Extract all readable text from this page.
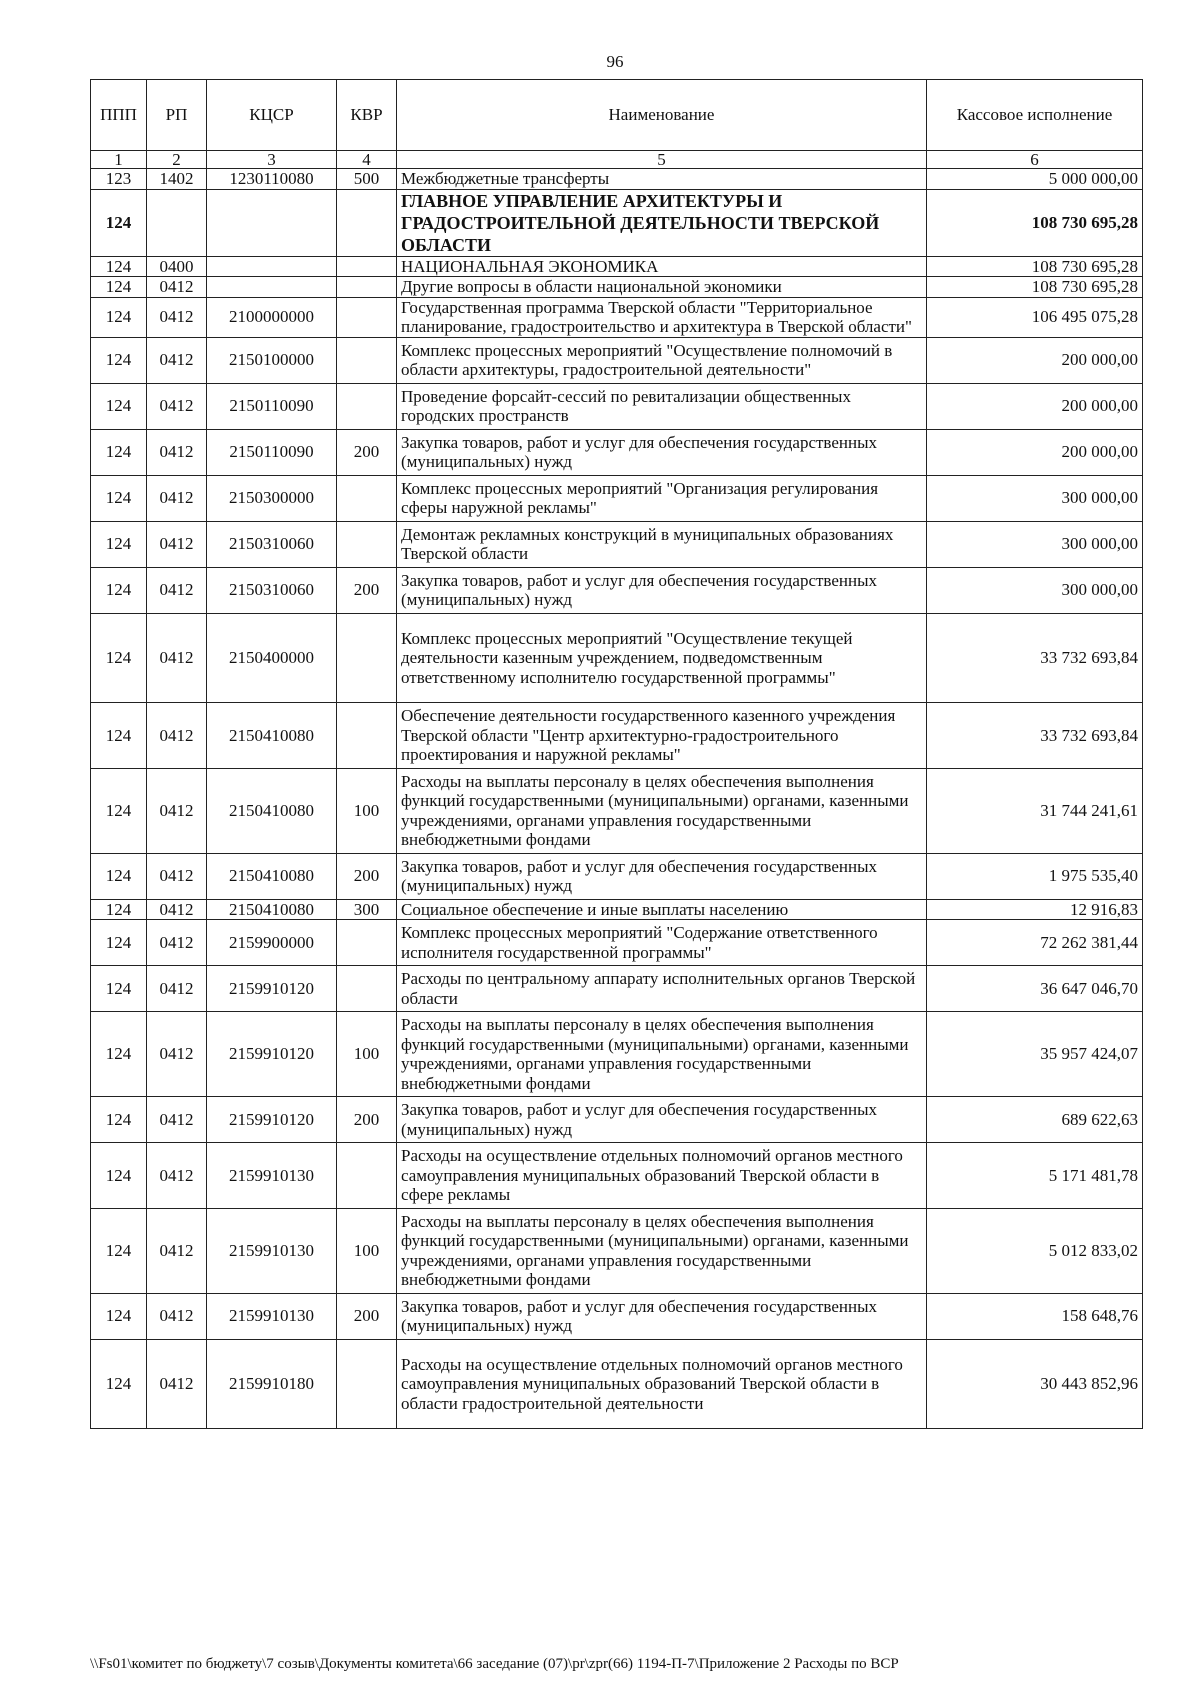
96
ППП	РП	КЦСР	КВР	Наименование	Кассовое исполнение
1	2	3	4	5	6
123	1402	1230110080	500	Межбюджетные трансферты	5 000 000,00
124				ГЛАВНОЕ УПРАВЛЕНИЕ АРХИТЕКТУРЫ И ГРАДОСТРОИТЕЛЬНОЙ ДЕЯТЕЛЬНОСТИ ТВЕРСКОЙ ОБЛАСТИ	108 730 695,28
124	0400			НАЦИОНАЛЬНАЯ ЭКОНОМИКА	108 730 695,28
124	0412			Другие вопросы в области национальной экономики	108 730 695,28
124	0412	2100000000		Государственная программа Тверской области "Территориальное планирование, градостроительство и архитектура в Тверской области"	106 495 075,28
124	0412	2150100000		Комплекс процессных мероприятий "Осуществление полномочий в области архитектуры, градостроительной деятельности"	200 000,00
124	0412	2150110090		Проведение форсайт-сессий по ревитализации общественных городских пространств	200 000,00
124	0412	2150110090	200	Закупка товаров, работ и услуг для обеспечения государственных (муниципальных) нужд	200 000,00
124	0412	2150300000		Комплекс процессных мероприятий "Организация регулирования сферы наружной рекламы"	300 000,00
124	0412	2150310060		Демонтаж рекламных конструкций в муниципальных образованиях Тверской области	300 000,00
124	0412	2150310060	200	Закупка товаров, работ и услуг для обеспечения государственных (муниципальных) нужд	300 000,00
124	0412	2150400000		Комплекс процессных мероприятий "Осуществление текущей деятельности казенным учреждением, подведомственным ответственному исполнителю государственной программы"	33 732 693,84
124	0412	2150410080		Обеспечение деятельности государственного казенного учреждения Тверской области "Центр архитектурно-градостроительного проектирования и наружной рекламы"	33 732 693,84
124	0412	2150410080	100	Расходы на выплаты персоналу в целях обеспечения выполнения функций государственными (муниципальными) органами, казенными учреждениями, органами управления государственными внебюджетными фондами	31 744 241,61
124	0412	2150410080	200	Закупка товаров, работ и услуг для обеспечения государственных (муниципальных) нужд	1 975 535,40
124	0412	2150410080	300	Социальное обеспечение и иные выплаты населению	12 916,83
124	0412	2159900000		Комплекс процессных мероприятий "Содержание ответственного исполнителя государственной программы"	72 262 381,44
124	0412	2159910120		Расходы по центральному аппарату исполнительных органов Тверской области	36 647 046,70
124	0412	2159910120	100	Расходы на выплаты персоналу в целях обеспечения выполнения функций государственными (муниципальными) органами, казенными учреждениями, органами управления государственными внебюджетными фондами	35 957 424,07
124	0412	2159910120	200	Закупка товаров, работ и услуг для обеспечения государственных (муниципальных) нужд	689 622,63
124	0412	2159910130		Расходы на осуществление отдельных полномочий органов местного самоуправления муниципальных образований Тверской области в сфере рекламы	5 171 481,78
124	0412	2159910130	100	Расходы на выплаты персоналу в целях обеспечения выполнения функций государственными (муниципальными) органами, казенными учреждениями, органами управления государственными внебюджетными фондами	5 012 833,02
124	0412	2159910130	200	Закупка товаров, работ и услуг для обеспечения государственных (муниципальных) нужд	158 648,76
124	0412	2159910180		Расходы на осуществление отдельных полномочий органов местного самоуправления муниципальных образований Тверской области в области градостроительной деятельности	30 443 852,96
\\Fs01\комитет по бюджету\7 созыв\Документы комитета\66 заседание (07)\pr\zpr(66) 1194-П-7\Приложение 2 Расходы по ВСР
